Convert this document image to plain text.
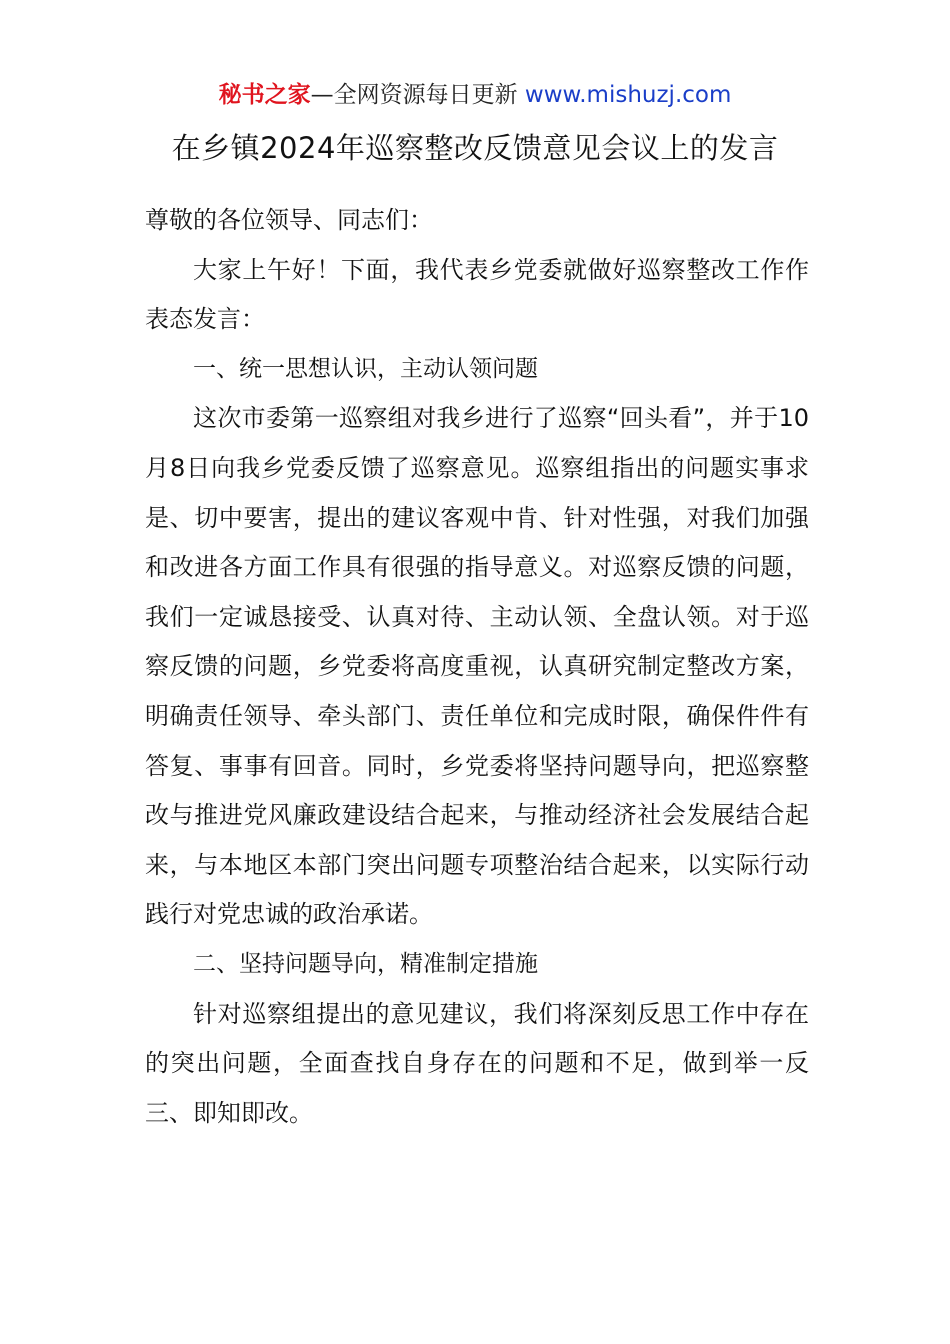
秘书之家—全网资源每日更新 www.mishuzj.com
在乡镇2024年巡察整改反馈意见会议上的发言

尊敬的各位领导、同志们：

大家上午好！下面，我代表乡党委就做好巡察整改工作作表态发言：

一、统一思想认识，主动认领问题

这次市委第一巡察组对我乡进行了巡察“回头看”，并于10月8日向我乡党委反馈了巡察意见。巡察组指出的问题实事求是、切中要害，提出的建议客观中肯、针对性强，对我们加强和改进各方面工作具有很强的指导意义。对巡察反馈的问题，我们一定诚恳接受、认真对待、主动认领、全盘认领。对于巡察反馈的问题，乡党委将高度重视，认真研究制定整改方案，明确责任领导、牵头部门、责任单位和完成时限，确保件件有答复、事事有回音。同时，乡党委将坚持问题导向，把巡察整改与推进党风廉政建设结合起来，与推动经济社会发展结合起来，与本地区本部门突出问题专项整治结合起来，以实际行动践行对党忠诚的政治承诺。

二、坚持问题导向，精准制定措施

针对巡察组提出的意见建议，我们将深刻反思工作中存在的突出问题，全面查找自身存在的问题和不足，做到举一反三、即知即改。
